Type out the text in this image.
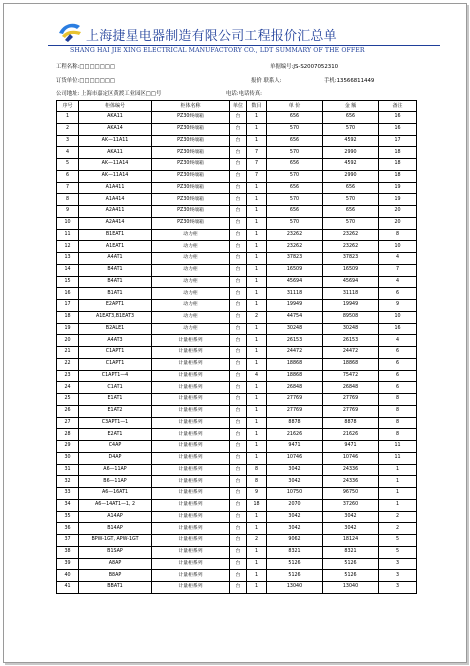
上海捷星电器制造有限公司工程报价汇总单
SHANG HAI JIE XING ELECTRICAL MANUFACTORY CO., LDT SUMMARY OF THE OFFER
工程名称:□□□□□□□	单据编号:JS-S2007052310
订货单位:□□□□□□□	报价 联系人:	手机:13566811449
公司地址: 上海市嘉定区黄渡工业园区□□号	电话:电话传真:
序号	柜体编号	柜体名称	单位	数目	单 价	金 额	备注
1	AKA11	PZ30终端箱	台	1	656	656	16
2	AKA14	PZ30终端箱	台	1	570	570	16
3	AK—11A11	PZ30终端箱	台	1	656	4592	17
4	AKA11	PZ30终端箱	台	7	570	2990	18
5	AK—11A14	PZ30终端箱	台	7	656	4592	18
6	AK—11A14	PZ30终端箱	台	7	570	2990	18
7	A1A411	PZ30终端箱	台	1	656	656	19
8	A1A414	PZ30终端箱	台	1	570	570	19
9	A2A411	PZ30终端箱	台	1	656	656	20
10	A2A414	PZ30终端箱	台	1	570	570	20
11	B1EAT1	动力柜	台	1	23262	23262	8
12	A1EAT1	动力柜	台	1	23262	23262	10
13	A4AT1	动力柜	台	1	37823	37823	4
14	B4AT1	动力柜	台	1	16509	16509	7
15	B4AT1	动力柜	台	1	45694	45694	4
16	B1AT1	动力柜	台	1	31118	31118	6
17	E2APT1	动力柜	台	1	19949	19949	9
18	A1EAT3,B1EAT3	动力柜	台	2	44754	89508	10
19	B2ALE1	动力柜	台	1	30248	30248	16
20	A4AT3	计量柜系列	台	1	26153	26153	4
21	C1APT1	计量柜系列	台	1	24472	24472	6
22	C1APT1	计量柜系列	台	1	18868	18868	6
23	C1APT1—4	计量柜系列	台	4	18868	75472	6
24	C1AT1	计量柜系列	台	1	26848	26848	6
25	E1AT1	计量柜系列	台	1	27769	27769	8
26	E1AT2	计量柜系列	台	1	27769	27769	8
27	C3APT1—1	计量柜系列	台	1	8878	8878	8
28	E2AT1	计量柜系列	台	1	21626	21626	8
29	C4AP	计量柜系列	台	1	9471	9471	11
30	D4AP	计量柜系列	台	1	10746	10746	11
31	A6—11AP	计量柜系列	台	8	3042	24336	1
32	B6—11AP	计量柜系列	台	8	3042	24336	1
33	A6—16AT1	计量柜系列	台	9	10750	96750	1
34	A6—14AT1—1, 2	计量柜系列	台	18	2070	37260	1
35	A14AP	计量柜系列	台	1	3042	3042	2
36	B14AP	计量柜系列	台	1	3042	3042	2
37	BPW-1GT, APW-1GT	计量柜系列	台	2	9062	18124	5
38	B1SAP	计量柜系列	台	1	8321	8321	5
39	A8AP	计量柜系列	台	1	5126	5126	3
40	B8AP	计量柜系列	台	1	5126	5126	3
41	BBAT1	计量柜系列	台	1	13040	13040	3
